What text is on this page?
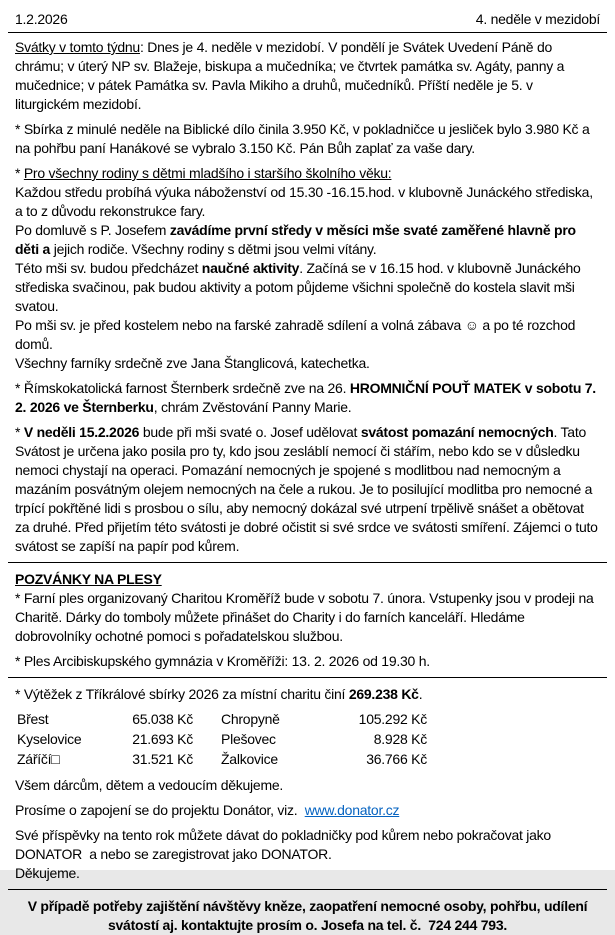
1.2.2026	4. neděle v mezidobí

Svátky v tomto týdnu: Dnes je 4. neděle v mezidobí. V pondělí je Svátek Uvedení Páně do chrámu; v úterý NP sv. Blažeje, biskupa a mučedníka; ve čtvrtek památka sv. Agáty, panny a mučednice; v pátek Památka sv. Pavla Mikiho a druhů, mučedníků. Příští neděle je 5. v liturgickém mezidobí.

* Sbírka z minulé neděle na Biblické dílo činila 3.950 Kč, v pokladničce u jesliček bylo 3.980 Kč a na pohřbu paní Hanákové se vybralo 3.150 Kč. Pán Bůh zaplať za vaše dary.

* Pro všechny rodiny s dětmi mladšího i staršího školního věku:
Každou středu probíhá výuka náboženství od 15.30 -16.15.hod. v klubovně Junáckého střediska, a to z důvodu rekonstrukce fary.
Po domluvě s P. Josefem zavádíme první středy v měsíci mše svaté zaměřené hlavně pro děti a jejich rodiče. Všechny rodiny s dětmi jsou velmi vítány.
Této mši sv. budou předcházet naučné aktivity. Začíná se v 16.15 hod. v klubovně Junáckého střediska svačinou, pak budou aktivity a potom půjdeme všichni společně do kostela slavit mši svatou.
Po mši sv. je před kostelem nebo na farské zahradě sdílení a volná zábava ☺ a po té rozchod domů.
Všechny farníky srdečně zve Jana Štanglicová, katechetka.

* Římskokatolická farnost Šternberk srdečně zve na 26. HROMNIČNÍ POUŤ MATEK v sobotu 7. 2. 2026 ve Šternberku, chrám Zvěstování Panny Marie.

* V neděli 15.2.2026 bude při mši svaté o. Josef udělovat svátost pomazání nemocných. Tato Svátost je určena jako posila pro ty, kdo jsou zesláblí nemocí či stářím, nebo kdo se v důsledku nemoci chystají na operaci. Pomazání nemocných je spojené s modlitbou nad nemocným a mazáním posvátným olejem nemocných na čele a rukou. Je to posilující modlitba pro nemocné a trpící pokřtěné lidi s prosbou o sílu, aby nemocný dokázal své utrpení trpělivě snášet a obětovat za druhé. Před přijetím této svátosti je dobré očistit si své srdce ve svátosti smíření. Zájemci o tuto svátost se zapíší na papír pod kůrem.

POZVÁNKY NA PLESY
* Farní ples organizovaný Charitou Kroměříž bude v sobotu 7. února. Vstupenky jsou v prodeji na Charitě. Dárky do tomboly můžete přinášet do Charity i do farních kanceláří. Hledáme dobrovolníky ochotné pomoci s pořadatelskou službou.

* Ples Arcibiskupského gymnázia v Kroměříži: 13. 2. 2026 od 19.30 h.

* Výtěžek z Tříkrálové sbírky 2026 za místní charitu činí 269.238 Kč.

Břest	65.038 Kč	Chropyně	105.292 Kč
Kyselovice	21.693 Kč	Plešovec	8.928 Kč
Záříčí□	31.521 Kč	Žalkovice	36.766 Kč

Všem dárcům, dětem a vedoucím děkujeme.

Prosíme o zapojení se do projektu Donátor, viz.  www.donator.cz

Své příspěvky na tento rok můžete dávat do pokladničky pod kůrem nebo pokračovat jako DONATOR  a nebo se zaregistrovat jako DONATOR.
Děkujeme.

V případě potřeby zajištění návštěvy kněze, zaopatření nemocné osoby, pohřbu, udílení svátostí aj. kontaktujte prosím o. Josefa na tel. č.  724 244 793.
